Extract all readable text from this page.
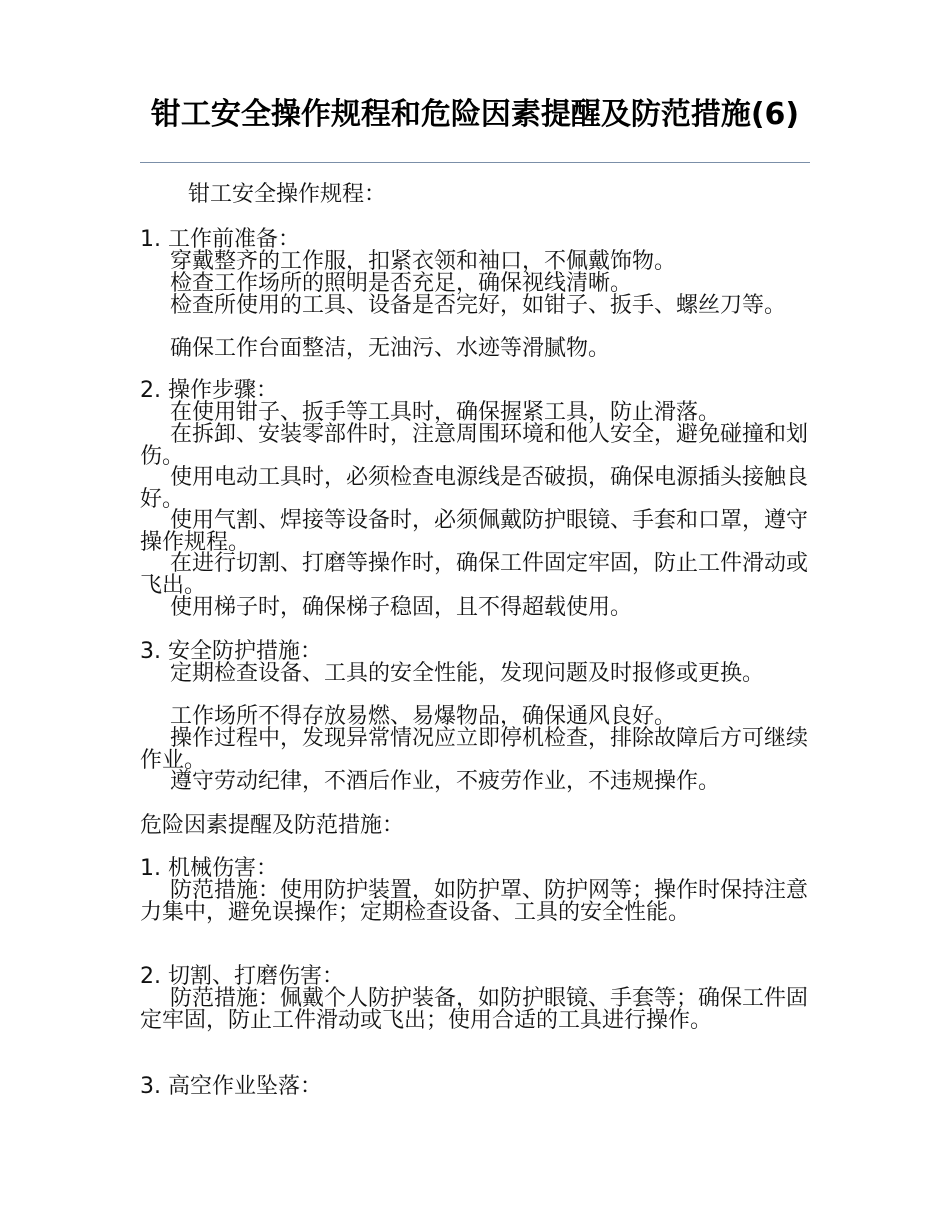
钳工安全操作规程和危险因素提醒及防范措施(6)

钳工安全操作规程：

1. 工作前准备：

穿戴整齐的工作服，扣紧衣领和袖口，不佩戴饰物。

检查工作场所的照明是否充足，确保视线清晰。

检查所使用的工具、设备是否完好，如钳子、扳手、螺丝刀等。

确保工作台面整洁，无油污、水迹等滑腻物。

2. 操作步骤：

在使用钳子、扳手等工具时，确保握紧工具，防止滑落。

在拆卸、安装零部件时，注意周围环境和他人安全，避免碰撞和划伤。

使用电动工具时，必须检查电源线是否破损，确保电源插头接触良好。

使用气割、焊接等设备时，必须佩戴防护眼镜、手套和口罩，遵守操作规程。

在进行切割、打磨等操作时，确保工件固定牢固，防止工件滑动或飞出。

使用梯子时，确保梯子稳固，且不得超载使用。

3. 安全防护措施：

定期检查设备、工具的安全性能，发现问题及时报修或更换。

工作场所不得存放易燃、易爆物品，确保通风良好。

操作过程中，发现异常情况应立即停机检查，排除故障后方可继续作业。

遵守劳动纪律，不酒后作业，不疲劳作业，不违规操作。

危险因素提醒及防范措施：

1. 机械伤害：

防范措施：使用防护装置，如防护罩、防护网等；操作时保持注意力集中，避免误操作；定期检查设备、工具的安全性能。

2. 切割、打磨伤害：

防范措施：佩戴个人防护装备，如防护眼镜、手套等；确保工件固定牢固，防止工件滑动或飞出；使用合适的工具进行操作。

3. 高空作业坠落：
